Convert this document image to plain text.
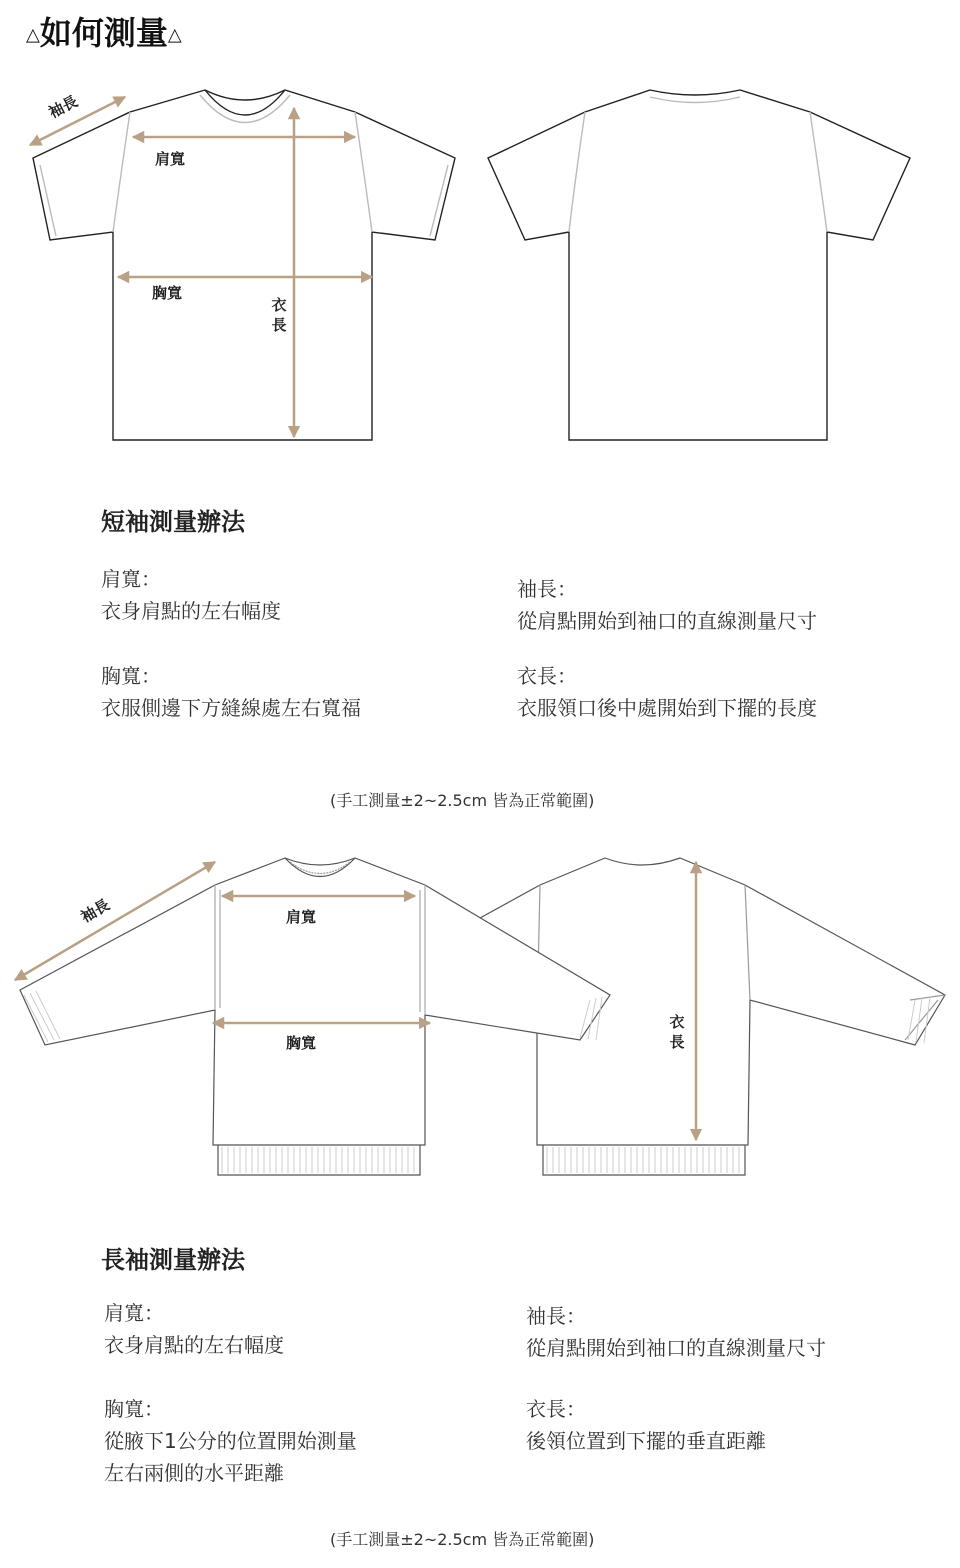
△如何測量△
袖長
肩寬
胸寬
衣長
短袖測量辦法
肩寬：
衣身肩點的左右幅度
胸寬：
衣服側邊下方縫線處左右寬福
袖長：
從肩點開始到袖口的直線測量尺寸
衣長：
衣服領口後中處開始到下擺的長度
(手工測量±2~2.5cm 皆為正常範圍)
袖長	肩寬
胸寬
衣長
長袖測量辦法
肩寬：
衣身肩點的左右幅度
胸寬：
從腋下1公分的位置開始測量
左右兩側的水平距離
袖長：
從肩點開始到袖口的直線測量尺寸
衣長：
後領位置到下擺的垂直距離
(手工測量±2~2.5cm 皆為正常範圍)
